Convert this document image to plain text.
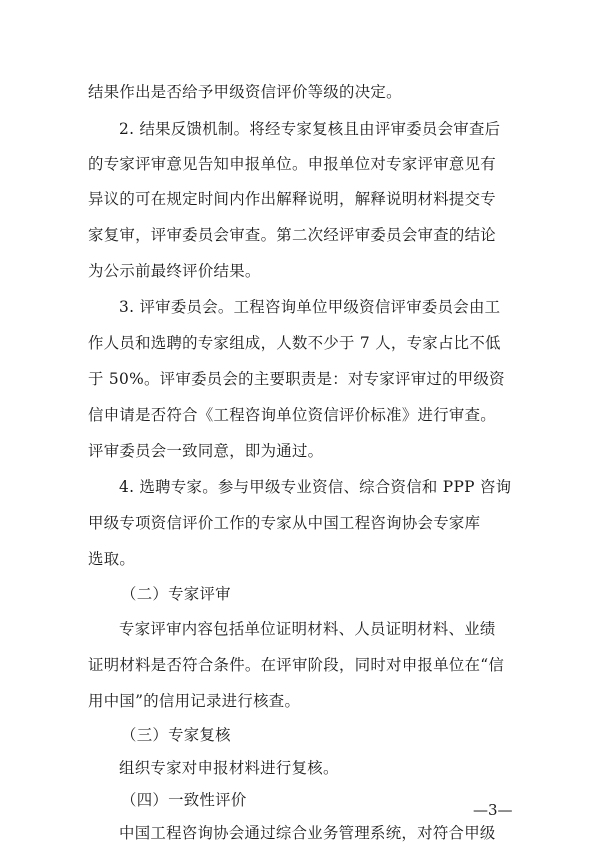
结果作出是否给予甲级资信评价等级的决定。
2. 结果反馈机制。将经专家复核且由评审委员会审查后
的专家评审意见告知申报单位。申报单位对专家评审意见有
异议的可在规定时间内作出解释说明，解释说明材料提交专
家复审，评审委员会审查。第二次经评审委员会审查的结论
为公示前最终评价结果。
3. 评审委员会。工程咨询单位甲级资信评审委员会由工
作人员和选聘的专家组成，人数不少于 7 人，专家占比不低
于 50%。评审委员会的主要职责是：对专家评审过的甲级资
信申请是否符合《工程咨询单位资信评价标准》进行审查。
评审委员会一致同意，即为通过。
4. 选聘专家。参与甲级专业资信、综合资信和 PPP 咨询
甲级专项资信评价工作的专家从中国工程咨询协会专家库
选取。
（二）专家评审
专家评审内容包括单位证明材料、人员证明材料、业绩
证明材料是否符合条件。在评审阶段，同时对申报单位在“信
用中国”的信用记录进行核查。
（三）专家复核
组织专家对申报材料进行复核。
（四）一致性评价
中国工程咨询协会通过综合业务管理系统，对符合甲级
—3—
